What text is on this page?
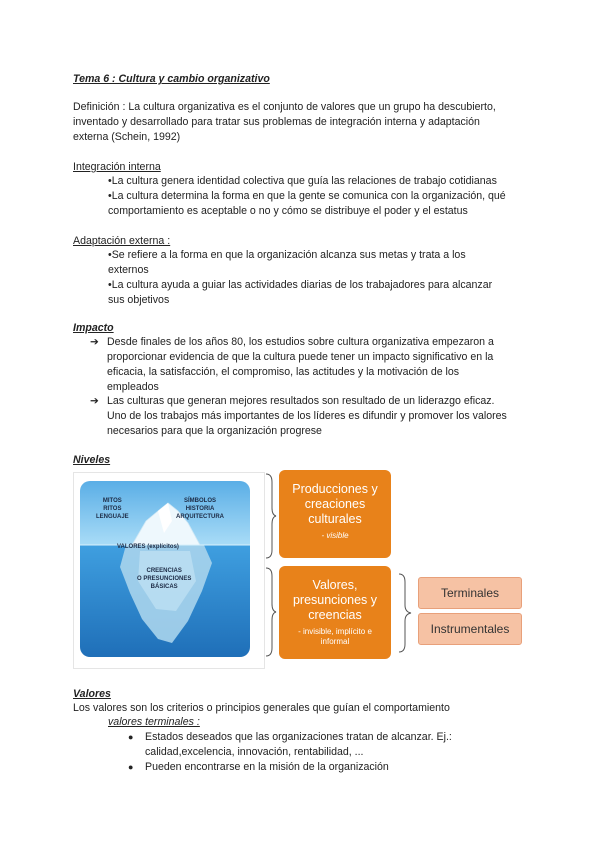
Tema 6 : Cultura y cambio organizativo
Definición : La cultura organizativa es el conjunto de valores que un grupo ha descubierto,
inventado y desarrollado para tratar sus problemas de integración interna y adaptación
externa (Schein, 1992)
Integración interna
•La cultura genera identidad colectiva que guía las relaciones de trabajo cotidianas
•La cultura determina la forma en que la gente se comunica con la organización, qué
comportamiento es aceptable o no y cómo se distribuye el poder y el estatus
Adaptación externa :
•Se refiere a la forma en que la organización alcanza sus metas y trata a los
externos
•La cultura ayuda a guiar las actividades diarias de los trabajadores para alcanzar
sus objetivos
Impacto
➔ Desde finales de los años 80, los estudios sobre cultura organizativa empezaron a
proporcionar evidencia de que la cultura puede tener un impacto significativo en la
eficacia, la satisfacción, el compromiso, las actitudes y la motivación de los
empleados
➔ Las culturas que generan mejores resultados son resultado de un liderazgo eficaz.
Uno de los trabajos más importantes de los líderes es difundir y promover los valores
necesarios para que la organización progrese
Niveles
MITOS
RITOS
LENGUAJE
SÍMBOLOS
HISTORIA
ARQUITECTURA
VALORES (explícitos)
CREENCIAS
O PRESUNCIONES
BÁSICAS
Producciones y
creaciones
culturales
- visible
Valores,
presunciones y
creencias
- invisible, implícito e
informal
Terminales
Instrumentales
Valores
Los valores son los criterios o principios generales que guían el comportamiento
valores terminales :
● Estados deseados que las organizaciones tratan de alcanzar. Ej.:
calidad,excelencia, innovación, rentabilidad, ...
● Pueden encontrarse en la misión de la organización
